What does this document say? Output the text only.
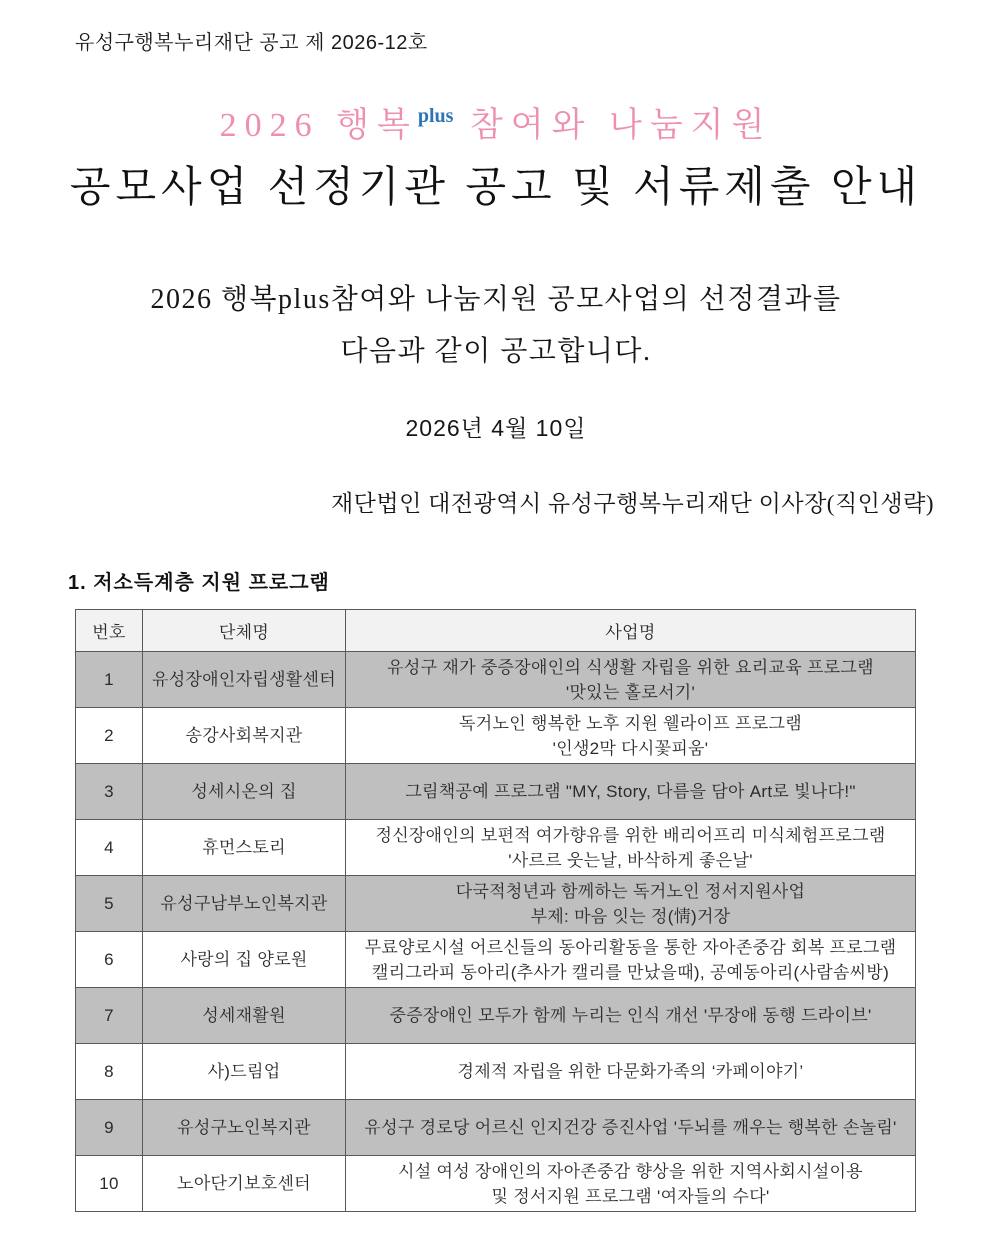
유성구행복누리재단 공고 제 2026-12호
2026 행복$^{plus}$ 참여와 나눔지원
공모사업 선정기관 공고 및 서류제출 안내
2026 행복plus참여와 나눔지원 공모사업의 선정결과를
다음과 같이 공고합니다.
2026년 4월 10일
재단법인 대전광역시 유성구행복누리재단 이사장(직인생략)
1. 저소득계층 지원 프로그램
번호	단체명	사업명
1	유성장애인자립생활센터	유성구 재가 중증장애인의 식생활 자립을 위한 요리교육 프로그램
'맛있는 홀로서기'

2	송강사회복지관	독거노인 행복한 노후 지원 웰라이프 프로그램
'인생2막 다시꽃피움'

3	성세시온의 집	그림책공예 프로그램 "MY, Story, 다름을 담아 Art로 빛나다!"

4	휴먼스토리	정신장애인의 보편적 여가향유를 위한 배리어프리 미식체험프로그램
'사르르 웃는날, 바삭하게 좋은날'

5	유성구남부노인복지관	다국적청년과 함께하는 독거노인 정서지원사업
부제: 마음 잇는 정(情)거장

6	사랑의 집 양로원	무료양로시설 어르신들의 동아리활동을 통한 자아존중감 회복 프로그램
캘리그라피 동아리(추사가 캘리를 만났을때), 공예동아리(사람솜씨방)

7	성세재활원	중증장애인 모두가 함께 누리는 인식 개선 '무장애 동행 드라이브'

8	사)드림업	경제적 자립을 위한 다문화가족의 ‘카페이야기’

9	유성구노인복지관	유성구 경로당 어르신 인지건강 증진사업 '두뇌를 깨우는 행복한 손놀림'

10	노아단기보호센터	시설 여성 장애인의 자아존중감 향상을 위한 지역사회시설이용
및 정서지원 프로그램 '여자들의 수다'
